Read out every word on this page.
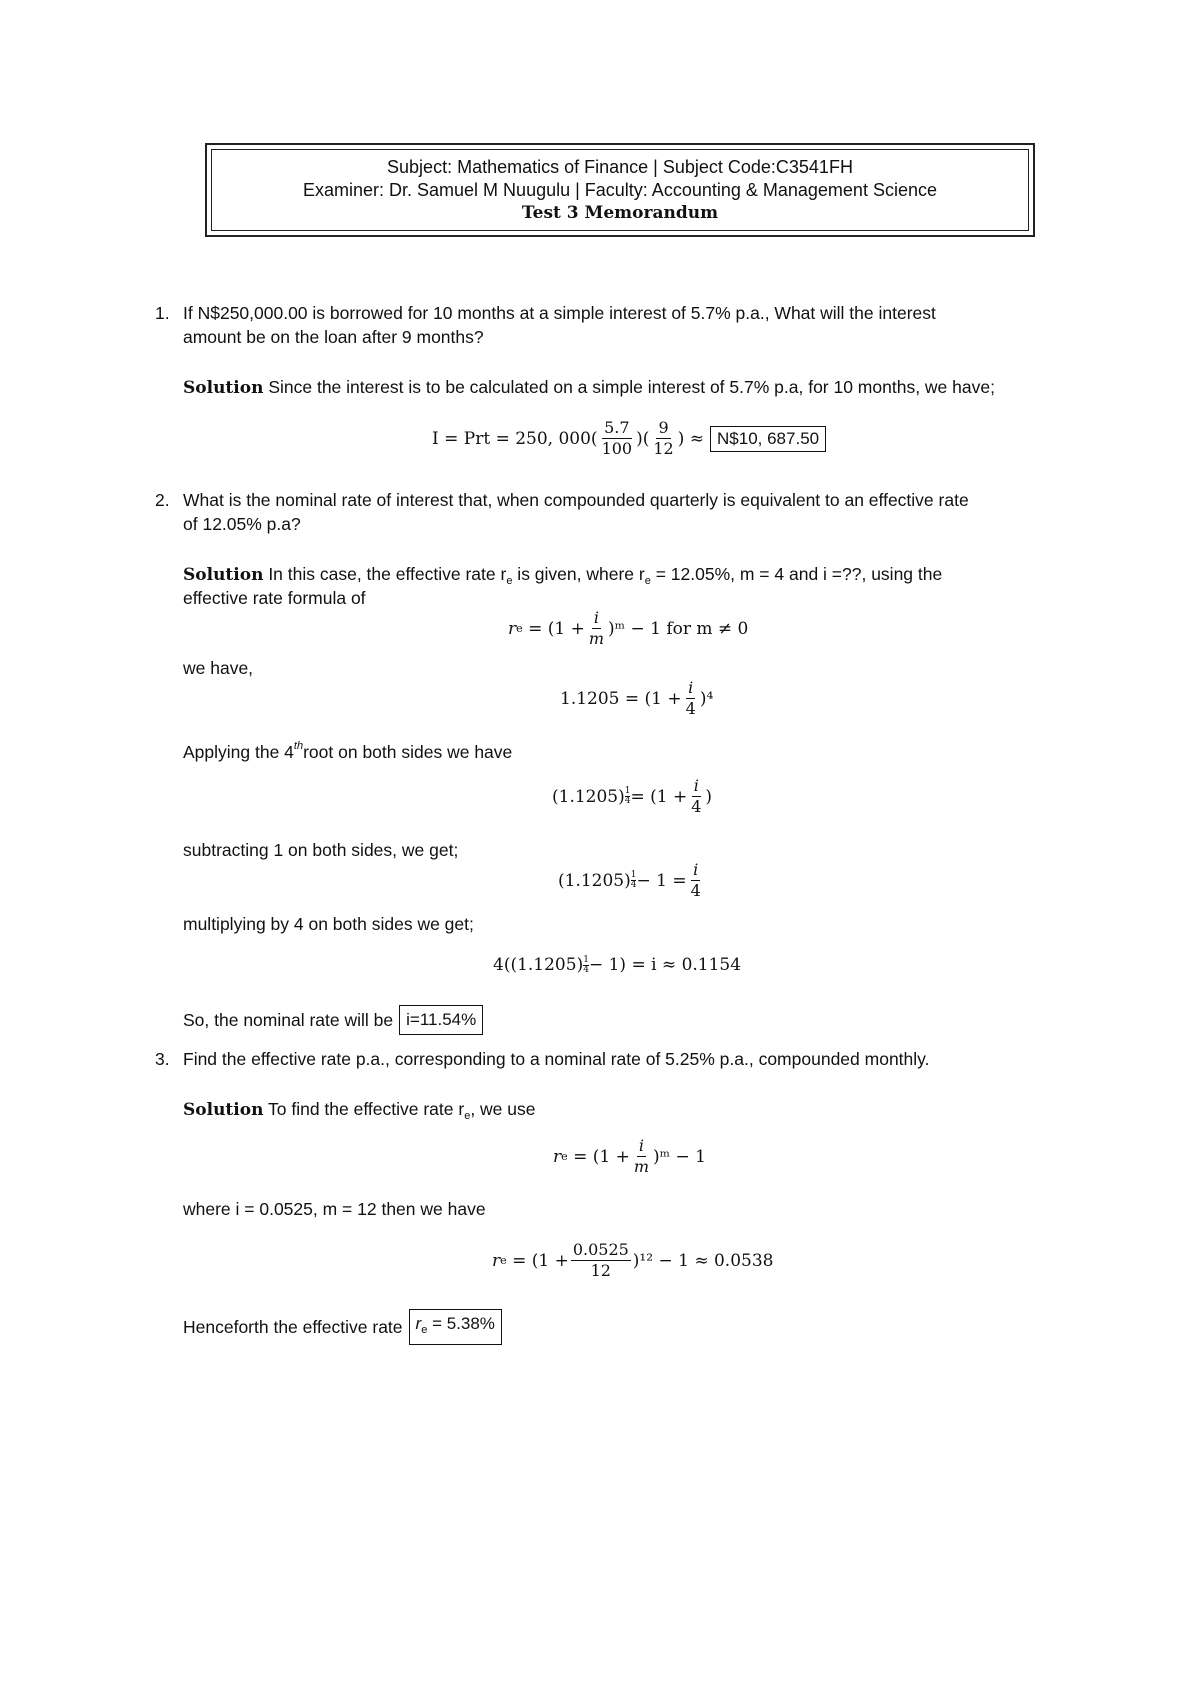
Subject: Mathematics of Finance | Subject Code:C3541FH
Examiner: Dr. Samuel M Nuugulu | Faculty: Accounting & Management Science
Test 3 Memorandum
1. If N$250,000.00 is borrowed for 10 months at a simple interest of 5.7% p.a., What will the interest
amount be on the loan after 9 months?
Solution Since the interest is to be calculated on a simple interest of 5.7% p.a, for 10 months, we have;
I = Prt = 250, $000( \frac{5.7}{100}$ )( $\frac{9}{12}$ ) ≈ N$10, 687.50
2. What is the nominal rate of interest that, when compounded quarterly is equivalent to an effective rate
of 12.05% p.a?
Solution In this case, the effective rate $r_e$ is given, where $r_e = 12.05\%$, m = 4 and i =??, using the
effective rate formula of
r e
= ($1 + \frac{i}{m}$ )ᵐ − 1 for m ≠ 0
we have,
$1.1205 = (1 + \frac{i}{4} )^4$
Applying the 4throot on both sides we have
$(1.1205) \frac{1}{4} = (1 + \frac{i}{4}$ )
subtracting 1 on both sides, we get;
$(1.1205) \frac{1}{4} - 1 = \frac{i}{4}$
multiplying by 4 on both sides we get;
$4((1.1205) \frac{1}{4} - 1) = i \approx 0.1154$
So, the nominal rate will be i=11.54%
3. Find the effective rate p.a., corresponding to a nominal rate of 5.25% p.a., compounded monthly.
Solution To find the effective rate $r_e$, we use
r e
= ($1 + \frac{i}{m}$ )ᵐ − 1
where i = 0.0525, m = 12 then we have
r e
= $(1 + \frac{0.0525}{12} )^{12} - 1 \approx 0.0538$
Henceforth the effective rate $r_e = 5.38\%$
